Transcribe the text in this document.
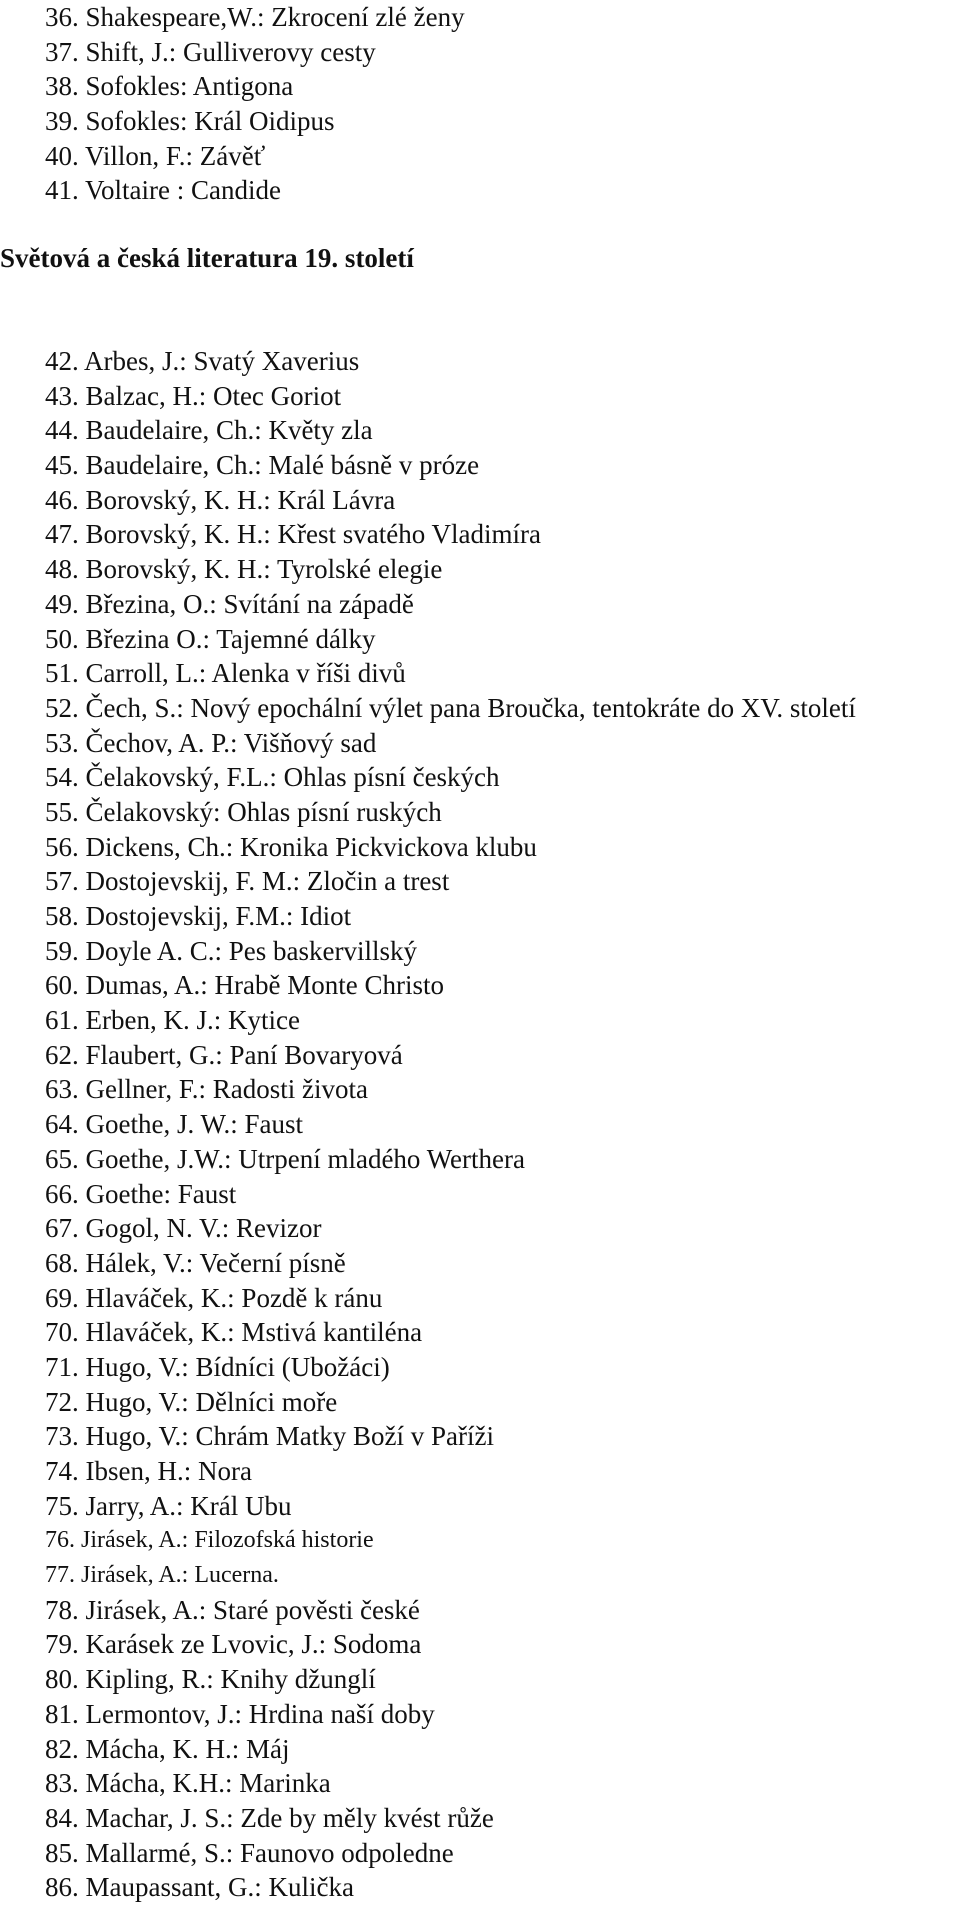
36. Shakespeare,W.: Zkrocení zlé ženy
37. Shift, J.: Gulliverovy cesty
38. Sofokles: Antigona
39. Sofokles: Král Oidipus
40. Villon, F.: Závěť
41. Voltaire : Candide
Světová a česká literatura 19. století
42. Arbes, J.: Svatý Xaverius
43. Balzac, H.: Otec Goriot
44. Baudelaire, Ch.: Květy zla
45. Baudelaire, Ch.: Malé básně v próze
46. Borovský, K. H.: Král Lávra
47. Borovský, K. H.: Křest svatého Vladimíra
48. Borovský, K. H.: Tyrolské elegie
49. Březina, O.: Svítání na západě
50. Březina O.: Tajemné dálky
51. Carroll, L.: Alenka v říši divů
52. Čech, S.: Nový epochální výlet pana Broučka, tentokráte do XV. století
53. Čechov, A. P.: Višňový sad
54. Čelakovský, F.L.: Ohlas písní českých
55. Čelakovský: Ohlas písní ruských
56. Dickens, Ch.: Kronika Pickvickova klubu
57. Dostojevskij, F. M.: Zločin a trest
58. Dostojevskij, F.M.: Idiot
59. Doyle A. C.: Pes baskervillský
60. Dumas, A.: Hrabě Monte Christo
61. Erben, K. J.: Kytice
62. Flaubert, G.: Paní Bovaryová
63. Gellner, F.: Radosti života
64. Goethe, J. W.: Faust
65. Goethe, J.W.: Utrpení mladého Werthera
66. Goethe: Faust
67. Gogol, N. V.: Revizor
68. Hálek, V.: Večerní písně
69. Hlaváček, K.: Pozdě k ránu
70. Hlaváček, K.: Mstivá kantiléna
71. Hugo, V.: Bídníci (Ubožáci)
72. Hugo, V.: Dělníci moře
73. Hugo, V.: Chrám Matky Boží v Paříži
74. Ibsen, H.: Nora
75. Jarry, A.: Král Ubu
76. Jirásek, A.: Filozofská historie
77. Jirásek, A.: Lucerna.
78. Jirásek, A.: Staré pověsti české
79. Karásek ze Lvovic, J.: Sodoma
80. Kipling, R.: Knihy džunglí
81. Lermontov, J.: Hrdina naší doby
82. Mácha, K. H.: Máj
83. Mácha, K.H.: Marinka
84. Machar, J. S.: Zde by měly kvést růže
85. Mallarmé, S.: Faunovo odpoledne
86. Maupassant, G.: Kulička
